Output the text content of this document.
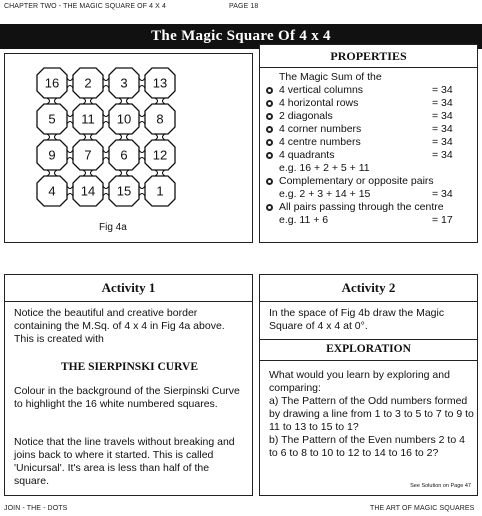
CHAPTER TWO - THE MAGIC SQUARE OF 4 X 4	PAGE 18
The Magic Square Of 4 x 4
16 2 3 13
5 11 10 8
9 7 6 12
4 14 15 1
Fig 4a
PROPERTIES
The Magic Sum of the
4 vertical columns	= 34
4 horizontal rows	= 34
2 diagonals	= 34
4 corner numbers	= 34
4 centre numbers	= 34
4 quadrants	= 34
e.g. 16 + 2 + 5 + 11
Complementary or opposite pairs
e.g. 2 + 3 + 14 + 15	= 34
All pairs passing through the centre
e.g. 11 + 6	= 17
Activity 1
Notice the beautiful and creative border containing the M.Sq. of 4 x 4 in Fig 4a above. This is created with
THE SIERPINSKI CURVE
Colour in the background of the Sierpinski Curve to highlight the 16 white numbered squares.
Notice that the line travels without breaking and joins back to where it started. This is called 'Unicursal'. It's area is less than half of the square.
Activity 2
In the space of Fig 4b draw the Magic Square of 4 x 4 at 0°.
EXPLORATION
What would you learn by exploring and comparing:
a) The Pattern of the Odd numbers formed by drawing a line from 1 to 3 to 5 to 7 to 9 to 11 to 13 to 15 to 1?
b) The Pattern of the Even numbers 2 to 4 to 6 to 8 to 10 to 12 to 14 to 16 to 2?
See Solution on Page 47
JOIN - THE - DOTS	THE ART OF MAGIC SQUARES
